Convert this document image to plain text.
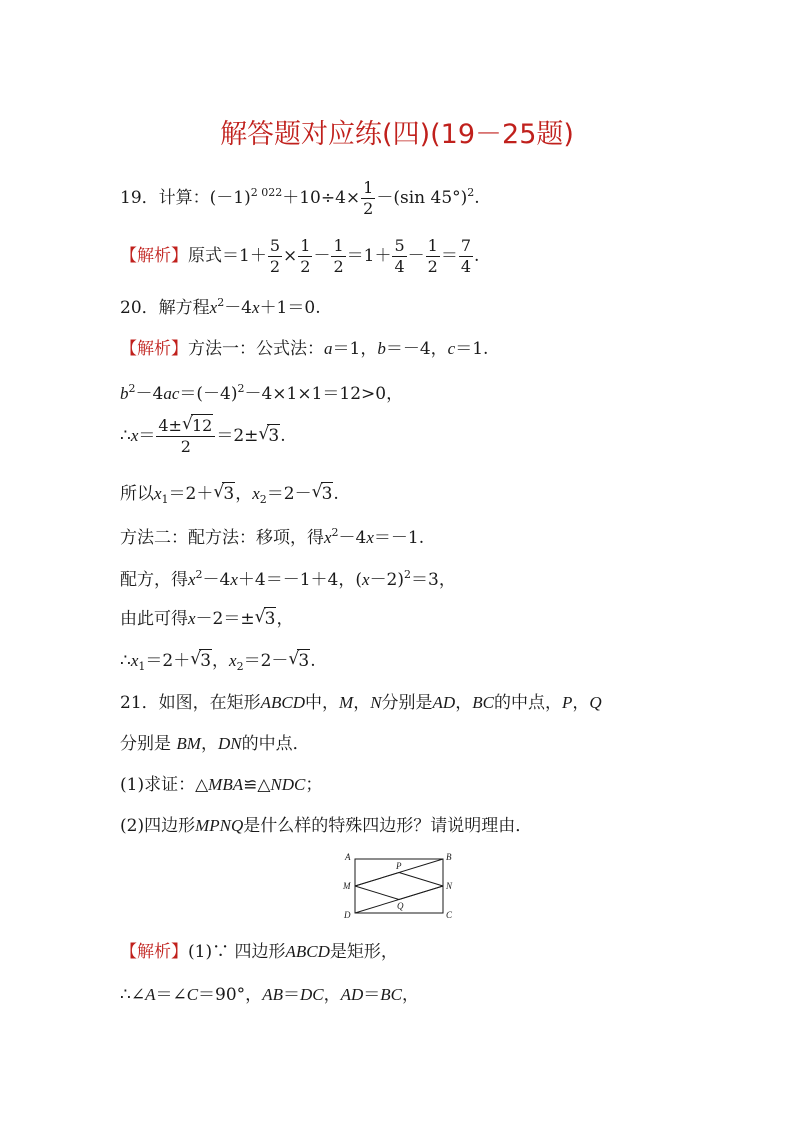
解答题对应练(四)(19－25题)
19．计算：$(-1)^{2 022}+10\div 4\times \frac{1}{2} -(\sin$ 45°)$^2$.
【解析】原式$=1+ \frac{5}{2} \times \frac{1}{2} - \frac{1}{2} =1+ \frac{5}{4} - \frac{1}{2} = \frac{7}{4}$ .
20．解方程$x^2-4x+1=0$.
【解析】方法一：公式法：a＝1，b＝－4，c＝1.
$b^2-4ac=(-4)^2-4\times 1\times 1=12>0$，
∴x＝ $\frac{4\pm √ 12}{2} =2\pm$ √ 3.
所以$x_1=2+$ √ 3，$x_2=2-$ √ 3.
方法二：配方法：移项，得$x^2-4x=-1$.
配方，得$x^2-4x+4=-1+4$，$(x-2)^2=3$，
由此可得x－2＝± √ 3，
$\therefore x_1=2+$ √ 3，$x_2=2-$ √ 3.
21．如图，在矩形ABCD中，M，N分别是AD，BC的中点，P，Q
分别是 BM，DN的中点．
(1)求证：△MBA≌△NDC；
(2)四边形MPNQ是什么样的特殊四边形？请说明理由．
A	B
C
D
M	N
P
Q
【解析】(1)∵ 四边形ABCD是矩形，
∴∠A＝∠C＝90°，AB＝DC，AD＝BC，
